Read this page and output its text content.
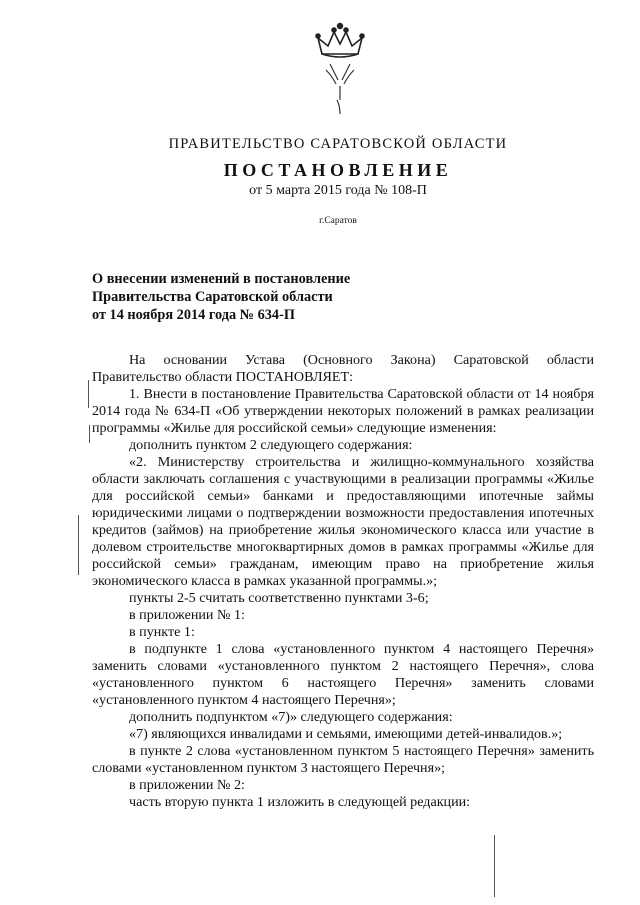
ПРАВИТЕЛЬСТВО САРАТОВСКОЙ ОБЛАСТИ
ПОСТАНОВЛЕНИЕ
от 5 марта 2015 года № 108-П
г.Саратов
О внесении изменений в постановление
Правительства Саратовской области
от 14 ноября 2014 года № 634-П

На основании Устава (Основного Закона) Саратовской области Правительство области ПОСТАНОВЛЯЕТ:

1. Внести в постановление Правительства Саратовской области от 14 ноября 2014 года № 634-П «Об утверждении некоторых положений в рамках реализации программы «Жилье для российской семьи» следующие изменения:

дополнить пунктом 2 следующего содержания:

«2. Министерству строительства и жилищно-коммунального хозяйства области заключать соглашения с участвующими в реализации программы «Жилье для российской семьи» банками и предоставляющими ипотечные займы юридическими лицами о подтверждении возможности предоставления ипотечных кредитов (займов) на приобретение жилья экономического класса или участие в долевом строительстве многоквартирных домов в рамках программы «Жилье для российской семьи» гражданам, имеющим право на приобретение жилья экономического класса в рамках указанной программы.»;

пункты 2-5 считать соответственно пунктами 3-6;

в приложении № 1:

в пункте 1:

в подпункте 1 слова «установленного пунктом 4 настоящего Перечня» заменить словами «установленного пунктом 2 настоящего Перечня», слова «установленного пунктом 6 настоящего Перечня» заменить словами «установленного пунктом 4 настоящего Перечня»;

дополнить подпунктом «7)» следующего содержания:

«7) являющихся инвалидами и семьями, имеющими детей-инвалидов.»;

в пункте 2 слова «установленном пунктом 5 настоящего Перечня» заменить словами «установленном пунктом 3 настоящего Перечня»;

в приложении № 2:

часть вторую пункта 1 изложить в следующей редакции:
